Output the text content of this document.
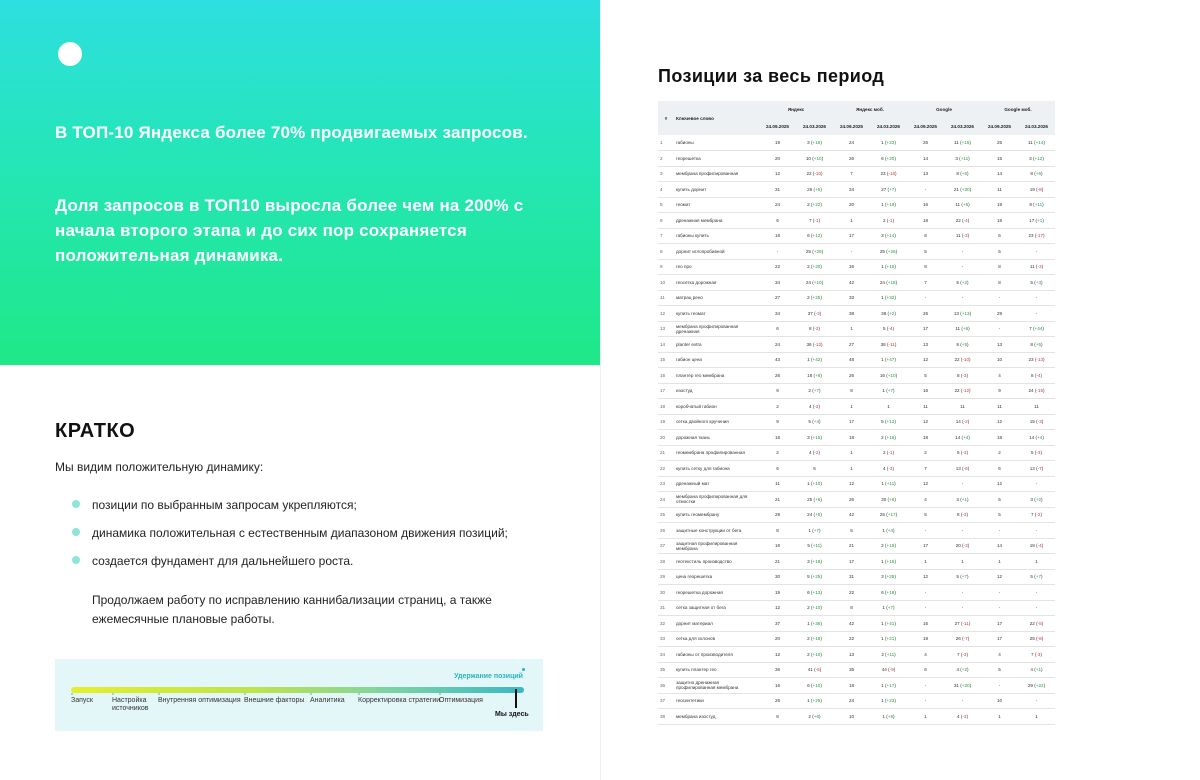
В ТОП-10 Яндекса более 70% продвигаемых запросов.

Доля запросов в ТОП10 выросла более чем на 200% с начала второго этапа и до сих пор сохраняется положительная динамика.

КРАТКО

Мы видим положительную динамику:

позиции по выбранным запросам укрепляются;
динамика положительная с естественным диапазоном движения позиций;
создается фундамент для дальнейшего роста.

Продолжаем работу по исправлению каннибализации страниц, а также ежемесячные плановые работы.

Удержание позиций
Мы здесь
Запуск	Настройка источников
Внутренняя оптимизация Внешние факторы Аналитика Корректировка стратегии
Оптимизация
Позиции за весь период
#	Ключевое слово	Яндекс		Яндекс моб.		Google		Google моб.	
		24.09.2025	24.03.2026	24.09.2025	24.03.2026	24.09.2025	24.03.2026	24.09.2025	24.03.2026
1	габионы	19	3 (+16)	24	1 (+23)	26	11 (+15)	25	11 (+14)
2	георешетка	20	10 (+10)	26	6 (+20)	14	3 (+11)	15	3 (+12)
3	мембрана профилированная	12	22 (-10)	7	23 (-16)	13	8 (+5)	14	8 (+6)
4	купить дорнит	31	26 (+5)	34	27 (+7)	-	21 (+30)	11	19 (-8)
5	геомат	24	2 (+22)	20	1 (+19)	16	11 (+5)	19	8 (+11)
6	дренажная мембрана	6	7 (-1)	1	2 (-1)	18	22 (-4)	18	17 (+1)
7	габионы купить	18	6 (+12)	17	3 (+14)	8	11 (-3)	6	23 (-17)
8	дорнит иглопробивной	-	25 (+26)	-	25 (+26)	5	-	5	-
9	гео про	22	2 (+20)	16	1 (+15)	8	-	8	11 (-3)
10	геосетка дорожная	34	24 (+10)	42	24 (+18)	7	5 (+2)	8	5 (+3)
11	матрац рено	27	2 (+25)	33	1 (+32)	-	-	-	-
12	купить геомат	34	37 (-3)	38	36 (+2)	26	13 (+13)	29	-
13	мембрана профилированная дренажная	6	8 (-2)	1	5 (-4)	17	11 (+6)	-	7 (+44)
14	planter extra	24	36 (-12)	27	38 (-11)	13	8 (+5)	13	8 (+5)
15	габион цена	43	1 (+42)	48	1 (+47)	12	22 (-10)	10	23 (-13)
16	плантер гео мембрана	26	18 (+8)	26	16 (+10)	5	8 (-3)	4	8 (-4)
17	изостуд	9	2 (+7)	8	1 (+7)	16	22 (-12)	9	24 (-15)
18	коробчатый габион	2	4 (-2)	1	1	11	11	11	11
19	сетка двойного кручения	9	5 (+4)	17	5 (+12)	12	14 (-2)	12	15 (-3)
20	дорожная ткань	18	3 (+15)	18	2 (+16)	18	14 (+4)	18	14 (+4)
21	геомембрана профилированная	2	4 (-2)	1	2 (-1)	2	5 (-3)	2	5 (-3)
22	купить сетку для габиона	6	6	1	4 (-3)	7	13 (-6)	6	13 (-7)
23	дренажный мат	11	1 (+10)	12	1 (+11)	12	-	12	-
24	мембрана профилированная для отмостки	21	25 (+6)	26	30 (+6)	4	3 (+1)	5	3 (+2)
25	купить геомембрану	29	24 (+5)	42	25 (+17)	5	8 (-3)	5	7 (-2)
26	защитные конструкции от бега	8	1 (+7)	5	1 (+4)	-	-	-	-
27	защитная профилированная мембрана	16	5 (+11)	21	2 (+19)	17	20 (-3)	14	18 (-4)
28	геотекстиль производство	21	3 (+18)	17	1 (+16)	1	1	1	1
29	цена георешетка	30	5 (+25)	31	3 (+28)	12	5 (+7)	12	5 (+7)
30	георешетка дорожная	19	6 (+13)	22	6 (+16)	-	-	-	-
31	сетка защитная от бега	12	2 (+10)	8	1 (+7)	-	-	-	-
32	дорнит материал	37	1 (+36)	42	1 (+41)	16	27 (-11)	17	22 (-5)
33	сетка для склонов	20	2 (+18)	22	1 (+21)	19	26 (-7)	17	25 (-8)
34	габионы от производителя	12	2 (+10)	13	2 (+11)	4	7 (-3)	4	7 (-3)
35	купить плантер гео	36	41 (-5)	35	44 (-9)	6	4 (+2)	5	4 (+1)
36	защитно дренажная профилированная мембрана	16	6 (+10)	18	1 (+17)	-	31 (+20)	-	29 (+22)
37	геосинтетики	26	1 (+25)	24	1 (+23)	-	-	10	-
38	мембрана изостуд	8	2 (+6)	10	1 (+9)	1	4 (-3)	1	1
